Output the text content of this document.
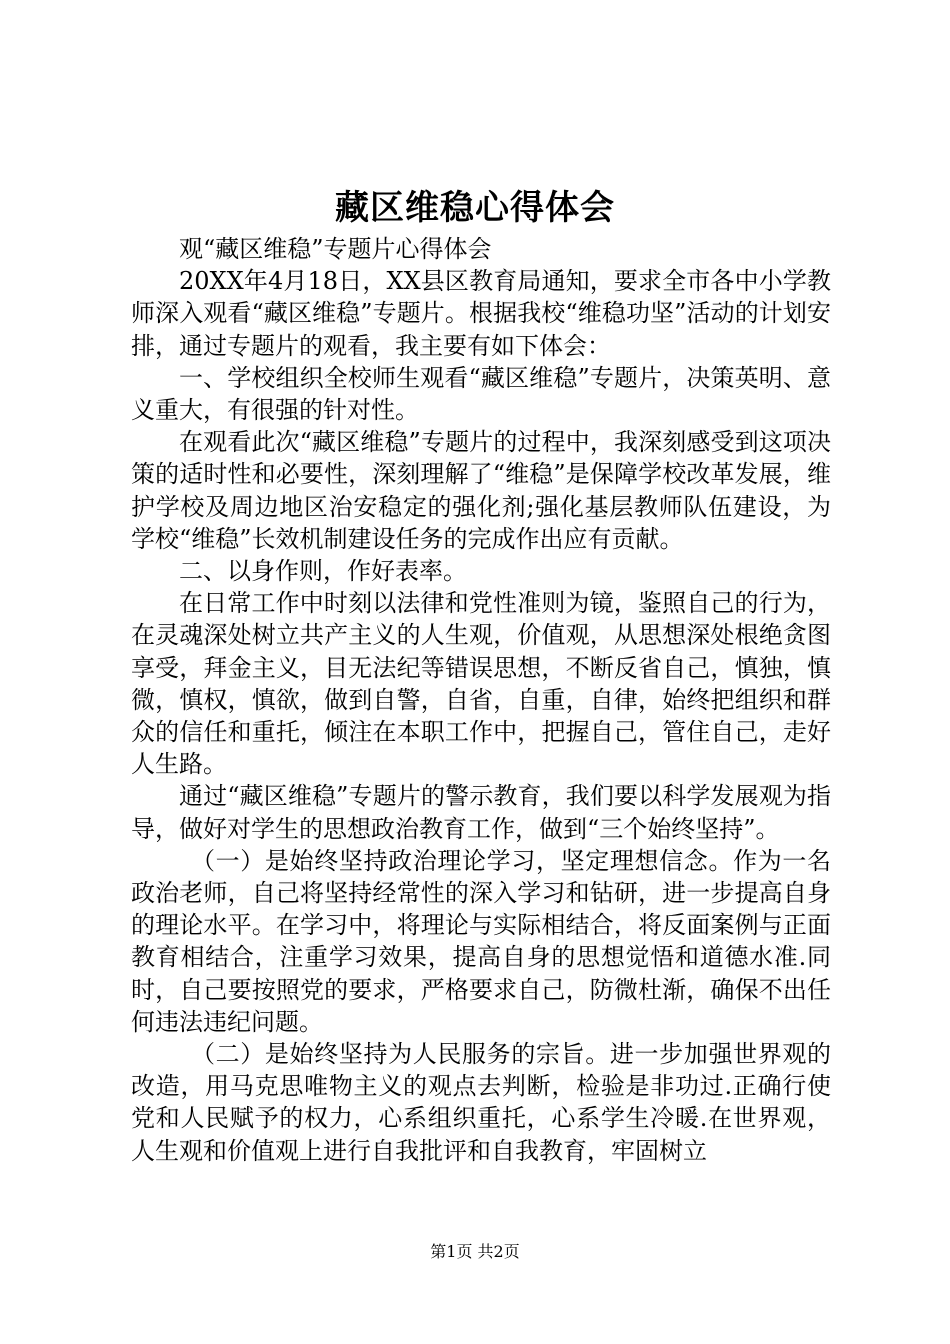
藏区维稳心得体会

观“藏区维稳”专题片心得体会

20XX年4月18日，XX县区教育局通知，要求全市各中小学教师深入观看“藏区维稳”专题片。根据我校“维稳功坚”活动的计划安排，通过专题片的观看，我主要有如下体会：

一、学校组织全校师生观看“藏区维稳”专题片，决策英明、意义重大，有很强的针对性。

在观看此次“藏区维稳”专题片的过程中，我深刻感受到这项决策的适时性和必要性，深刻理解了“维稳”是保障学校改革发展，维护学校及周边地区治安稳定的强化剂;强化基层教师队伍建设，为学校“维稳”长效机制建设任务的完成作出应有贡献。

二、以身作则，作好表率。

在日常工作中时刻以法律和党性准则为镜，鉴照自己的行为，在灵魂深处树立共产主义的人生观，价值观，从思想深处根绝贪图享受，拜金主义，目无法纪等错误思想，不断反省自己，慎独，慎微，慎权，慎欲，做到自警，自省，自重，自律，始终把组织和群众的信任和重托，倾注在本职工作中，把握自己，管住自己，走好人生路。

通过“藏区维稳”专题片的警示教育，我们要以科学发展观为指导，做好对学生的思想政治教育工作，做到“三个始终坚持”。

（一）是始终坚持政治理论学习，坚定理想信念。作为一名政治老师，自己将坚持经常性的深入学习和钻研，进一步提高自身的理论水平。在学习中，将理论与实际相结合，将反面案例与正面教育相结合，注重学习效果，提高自身的思想觉悟和道德水准.同时，自己要按照党的要求，严格要求自己，防微杜渐，确保不出任何违法违纪问题。

（二）是始终坚持为人民服务的宗旨。进一步加强世界观的改造，用马克思唯物主义的观点去判断，检验是非功过.正确行使党和人民赋予的权力，心系组织重托，心系学生冷暖.在世界观，人生观和价值观上进行自我批评和自我教育，牢固树立

第1页 共2页
